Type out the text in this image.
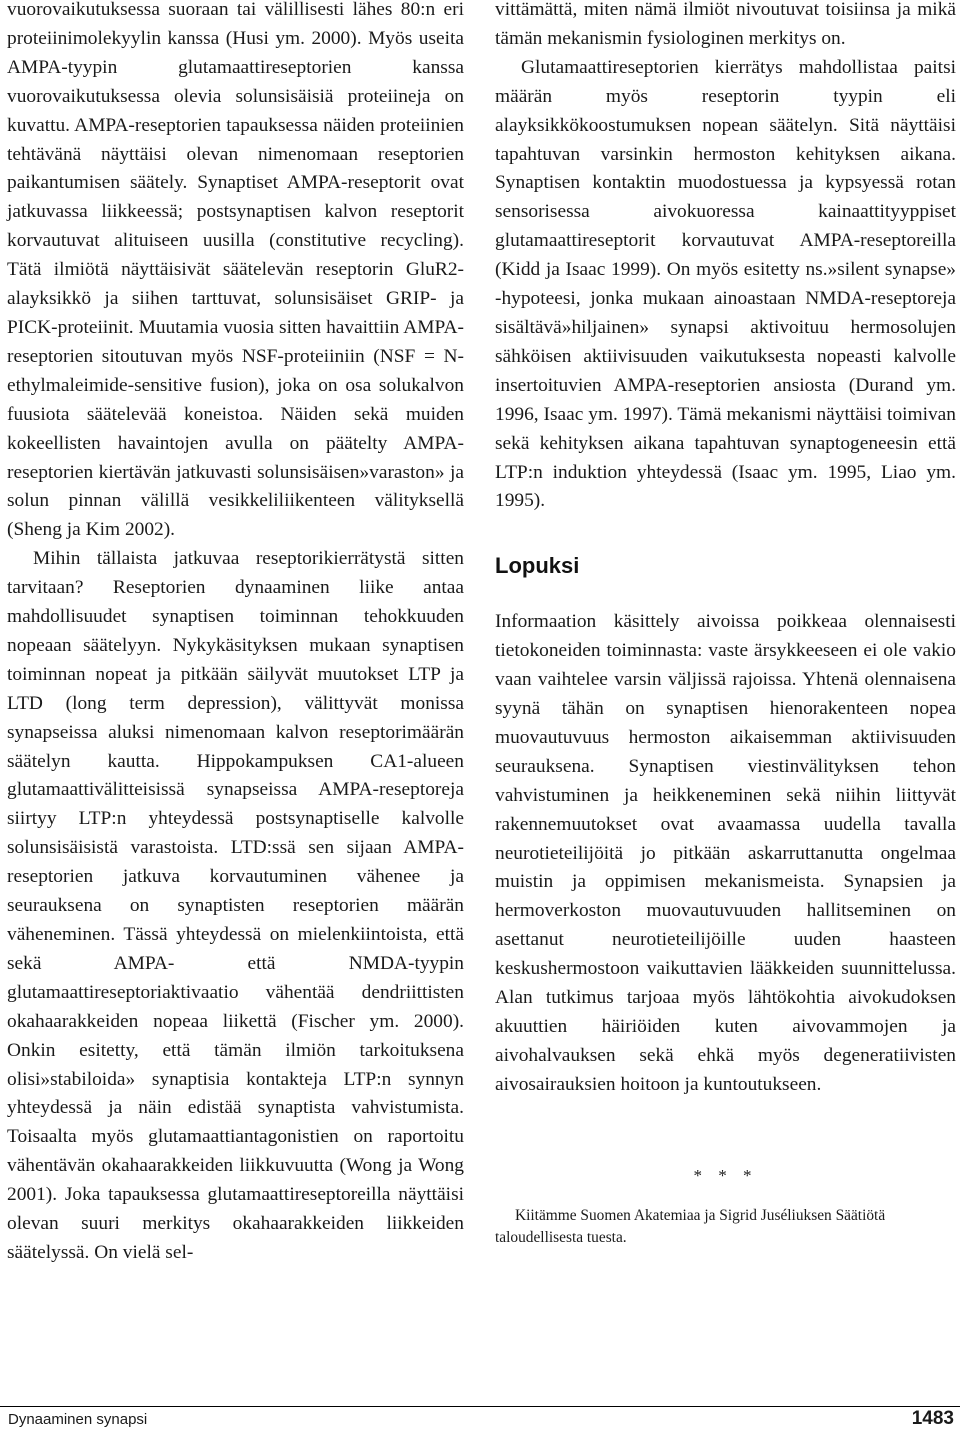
vuorovaikutuksessa suoraan tai välillisesti lähes 80:n eri proteiinimolekyylin kanssa (Husi ym. 2000). Myös useita AMPA-tyypin glutamaattireseptorien kanssa vuorovaikutuksessa olevia solunsisäisiä proteiineja on kuvattu. AMPA-reseptorien tapauksessa näiden proteiinien tehtävänä näyttäisi olevan nimenomaan reseptorien paikantumisen säätely. Synaptiset AMPA-reseptorit ovat jatkuvassa liikkeessä; postsynaptisen kalvon reseptorit korvautuvat alituiseen uusilla (constitutive recycling). Tätä ilmiötä näyttäisivät säätelevän reseptorin GluR2-alayksikkö ja siihen tarttuvat, solunsisäiset GRIP- ja PICK-proteiinit. Muutamia vuosia sitten havaittiin AMPA-reseptorien sitoutuvan myös NSF-proteiiniin (NSF = N-ethylmaleimide-sensitive fusion), joka on osa solukalvon fuusiota säätelevää koneistoa. Näiden sekä muiden kokeellisten havaintojen avulla on päätelty AMPA-reseptorien kiertävän jatkuvasti solunsisäisen»varaston» ja solun pinnan välillä vesikkeliliikenteen välityksellä (Sheng ja Kim 2002).

Mihin tällaista jatkuvaa reseptorikierrätystä sitten tarvitaan? Reseptorien dynaaminen liike antaa mahdollisuudet synaptisen toiminnan tehokkuuden nopeaan säätelyyn. Nykykäsityksen mukaan synaptisen toiminnan nopeat ja pitkään säilyvät muutokset LTP ja LTD (long term depression), välittyvät monissa synapseissa aluksi nimenomaan kalvon reseptorimäärän säätelyn kautta. Hippokampuksen CA1-alueen glutamaattivälitteisissä synapseissa AMPA-reseptoreja siirtyy LTP:n yhteydessä postsynaptiselle kalvolle solunsisäisistä varastoista. LTD:ssä sen sijaan AMPA-reseptorien jatkuva korvautuminen vähenee ja seurauksena on synaptisten reseptorien määrän väheneminen. Tässä yhteydessä on mielenkiintoista, että sekä AMPA- että NMDA-tyypin glutamaattireseptoriaktivaatio vähentää dendriittisten okahaarakkeiden nopeaa liikettä (Fischer ym. 2000). Onkin esitetty, että tämän ilmiön tarkoituksena olisi»stabiloida» synaptisia kontakteja LTP:n synnyn yhteydessä ja näin edistää synaptista vahvistumista. Toisaalta myös glutamaattiantagonistien on raportoitu vähentävän okahaarakkeiden liikkuvuutta (Wong ja Wong 2001). Joka tapauksessa glutamaattireseptoreilla näyttäisi olevan suuri merkitys okahaarakkeiden liikkeiden säätelyssä. On vielä sel-

vittämättä, miten nämä ilmiöt nivoutuvat toisiinsa ja mikä tämän mekanismin fysiologinen merkitys on.

Glutamaattireseptorien kierrätys mahdollistaa paitsi määrän myös reseptorin tyypin eli alayksikkökoostumuksen nopean säätelyn. Sitä näyttäisi tapahtuvan varsinkin hermoston kehityksen aikana. Synaptisen kontaktin muodostuessa ja kypsyessä rotan sensorisessa aivokuoressa kainaattityyppiset glutamaattireseptorit korvautuvat AMPA-reseptoreilla (Kidd ja Isaac 1999). On myös esitetty ns.»silent synapse» -hypoteesi, jonka mukaan ainoastaan NMDA-reseptoreja sisältävä»hiljainen» synapsi aktivoituu hermosolujen sähköisen aktiivisuuden vaikutuksesta nopeasti kalvolle insertoituvien AMPA-reseptorien ansiosta (Durand ym. 1996, Isaac ym. 1997). Tämä mekanismi näyttäisi toimivan sekä kehityksen aikana tapahtuvan synaptogeneesin että LTP:n induktion yhteydessä (Isaac ym. 1995, Liao ym. 1995).

Lopuksi

Informaation käsittely aivoissa poikkeaa olennaisesti tietokoneiden toiminnasta: vaste ärsykkeeseen ei ole vakio vaan vaihtelee varsin väljissä rajoissa. Yhtenä olennaisena syynä tähän on synaptisen hienorakenteen nopea muovautuvuus hermoston aikaisemman aktiivisuuden seurauksena. Synaptisen viestinvälityksen tehon vahvistuminen ja heikkeneminen sekä niihin liittyvät rakennemuutokset ovat avaamassa uudella tavalla neurotieteilijöitä jo pitkään askarruttanutta ongelmaa muistin ja oppimisen mekanismeista. Synapsien ja hermoverkoston muovautuvuuden hallitseminen on asettanut neurotieteilijöille uuden haasteen keskushermostoon vaikuttavien lääkkeiden suunnittelussa. Alan tutkimus tarjoaa myös lähtökohtia aivokudoksen akuuttien häiriöiden kuten aivovammojen ja aivohalvauksen sekä ehkä myös degeneratiivisten aivosairauksien hoitoon ja kuntoutukseen.

* * *

Kiitämme Suomen Akatemiaa ja Sigrid Juséliuksen Säätiötä taloudellisesta tuesta.

Dynaaminen synapsi	1483
